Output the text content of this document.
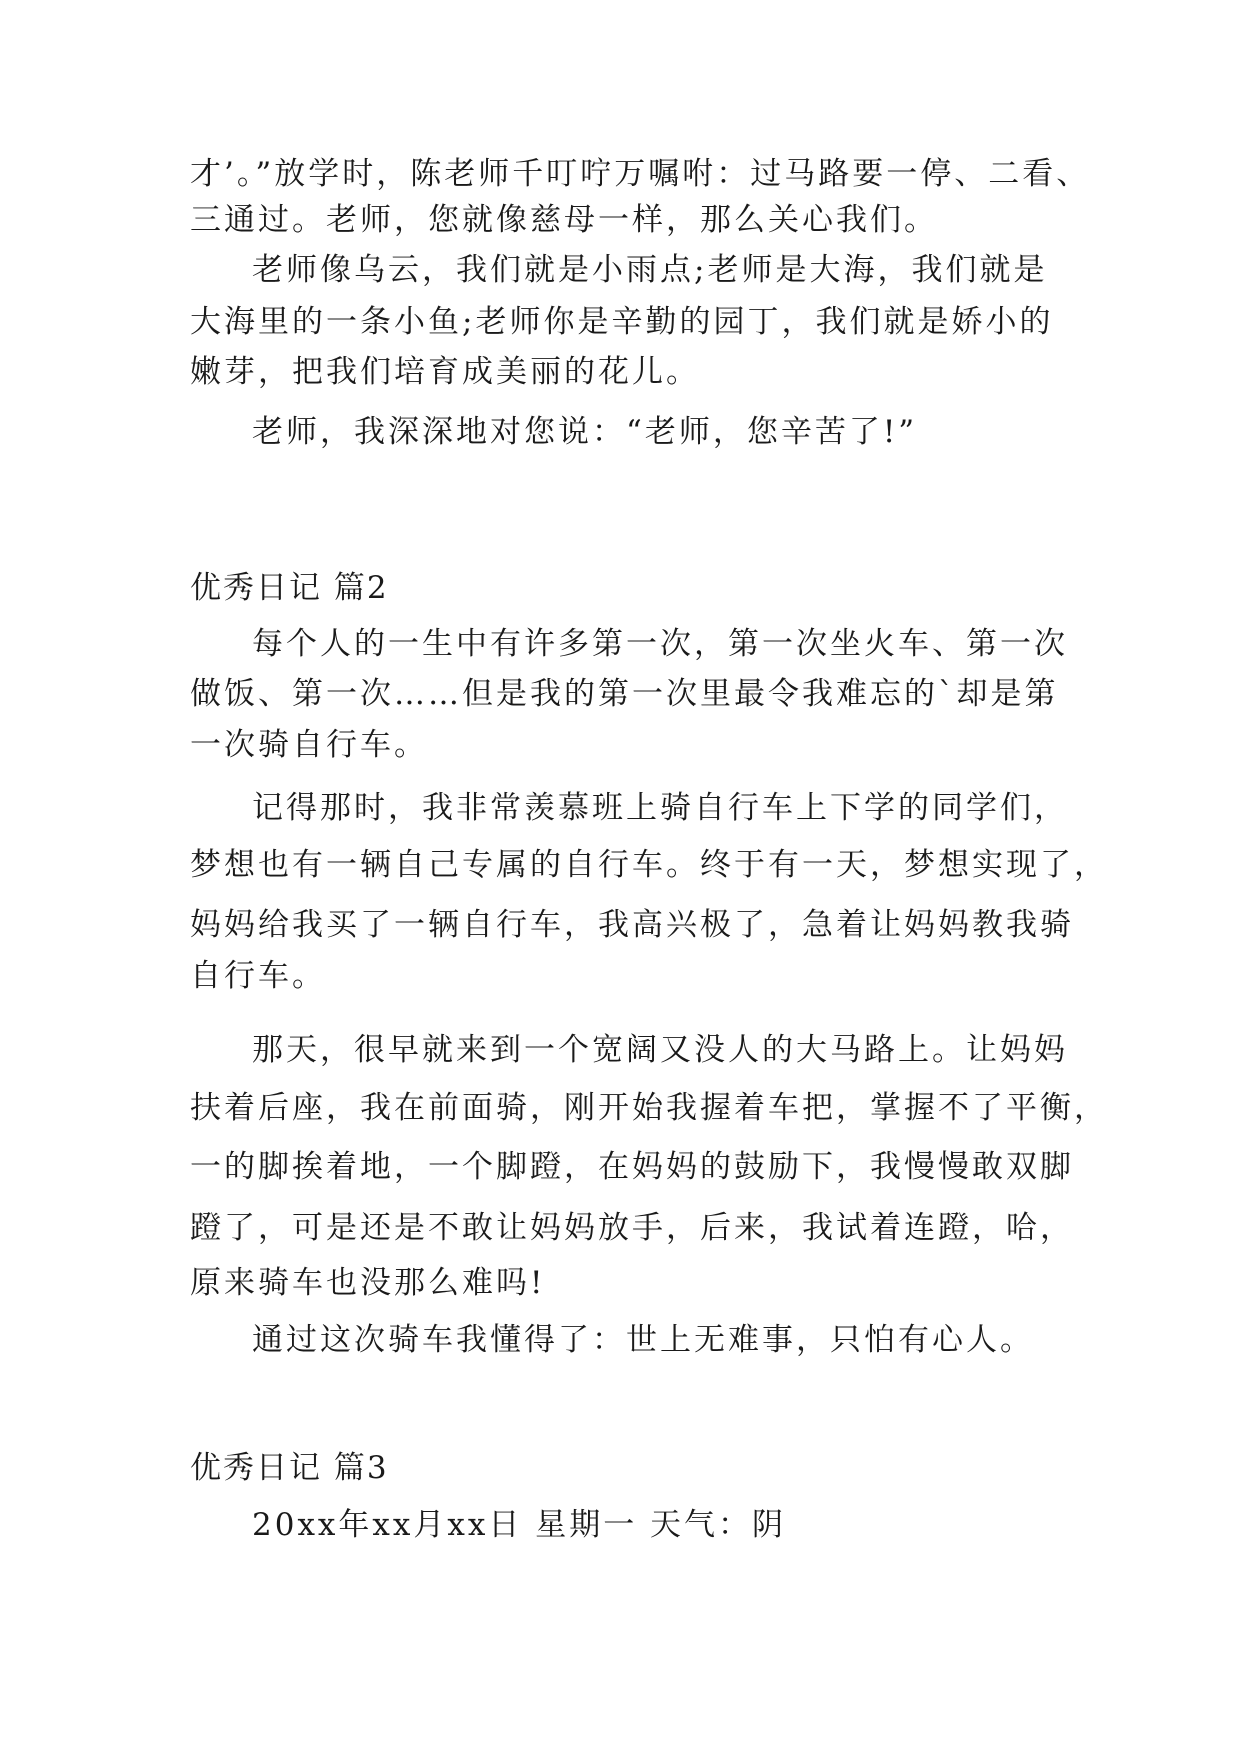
才’。”放学时，陈老师千叮咛万嘱咐：过马路要一停、二看、
三通过。老师，您就像慈母一样，那么关心我们。
老师像乌云，我们就是小雨点;老师是大海，我们就是
大海里的一条小鱼;老师你是辛勤的园丁，我们就是娇小的
嫩芽，把我们培育成美丽的花儿。
老师，我深深地对您说：“老师，您辛苦了!”
优秀日记 篇2
每个人的一生中有许多第一次，第一次坐火车、第一次
做饭、第一次……但是我的第一次里最令我难忘的`却是第
一次骑自行车。
记得那时，我非常羡慕班上骑自行车上下学的同学们，
梦想也有一辆自己专属的自行车。终于有一天，梦想实现了，
妈妈给我买了一辆自行车，我高兴极了，急着让妈妈教我骑
自行车。
那天，很早就来到一个宽阔又没人的大马路上。让妈妈
扶着后座，我在前面骑，刚开始我握着车把，掌握不了平衡，
一的脚挨着地，一个脚蹬，在妈妈的鼓励下，我慢慢敢双脚
蹬了，可是还是不敢让妈妈放手，后来，我试着连蹬，哈，
原来骑车也没那么难吗!
通过这次骑车我懂得了：世上无难事，只怕有心人。
优秀日记 篇3
20xx年xx月xx日 星期一 天气：阴
